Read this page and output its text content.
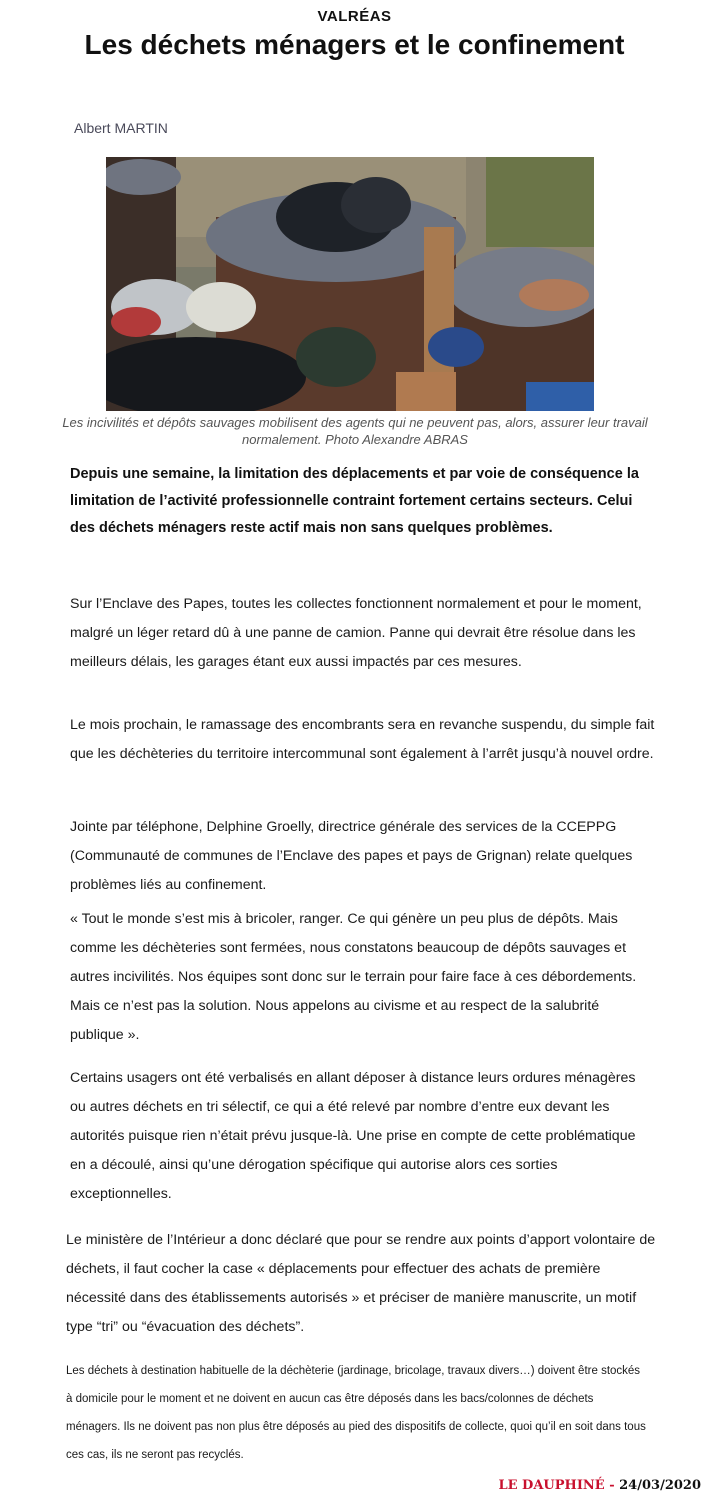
VALRÉAS
Les déchets ménagers et le confinement
Albert MARTIN
Les incivilités et dépôts sauvages mobilisent des agents qui ne peuvent pas, alors, assurer leur travail normalement. Photo Alexandre ABRAS
Depuis une semaine, la limitation des déplacements et par voie de conséquence la limitation de l’activité professionnelle contraint fortement certains secteurs. Celui des déchets ménagers reste actif mais non sans quelques problèmes.
Sur l’Enclave des Papes, toutes les collectes fonctionnent normalement et pour le moment, malgré un léger retard dû à une panne de camion. Panne qui devrait être résolue dans les meilleurs délais, les garages étant eux aussi impactés par ces mesures.
Le mois prochain, le ramassage des encombrants sera en revanche suspendu, du simple fait que les déchèteries du territoire intercommunal sont également à l’arrêt jusqu’à nouvel ordre.
Jointe par téléphone, Delphine Groelly, directrice générale des services de la CCEPPG (Communauté de communes de l’Enclave des papes et pays de Grignan) relate quelques problèmes liés au confinement.
« Tout le monde s’est mis à bricoler, ranger. Ce qui génère un peu plus de dépôts. Mais comme les déchèteries sont fermées, nous constatons beaucoup de dépôts sauvages et autres incivilités. Nos équipes sont donc sur le terrain pour faire face à ces débordements. Mais ce n’est pas la solution. Nous appelons au civisme et au respect de la salubrité publique ».
Certains usagers ont été verbalisés en allant déposer à distance leurs ordures ménagères ou autres déchets en tri sélectif, ce qui a été relevé par nombre d’entre eux devant les autorités puisque rien n’était prévu jusque-là. Une prise en compte de cette problématique en a découlé, ainsi qu’une dérogation spécifique qui autorise alors ces sorties exceptionnelles.
Le ministère de l’Intérieur a donc déclaré que pour se rendre aux points d’apport volontaire de déchets, il faut cocher la case « déplacements pour effectuer des achats de première nécessité dans des établissements autorisés » et préciser de manière manuscrite, un motif type “tri” ou “évacuation des déchets”.
Les déchets à destination habituelle de la déchèterie (jardinage, bricolage, travaux divers…) doivent être stockés à domicile pour le moment et ne doivent en aucun cas être déposés dans les bacs/colonnes de déchets ménagers. Ils ne doivent pas non plus être déposés au pied des dispositifs de collecte, quoi qu’il en soit dans tous ces cas, ils ne seront pas recyclés.
LE DAUPHINÉ - 24/03/2020
